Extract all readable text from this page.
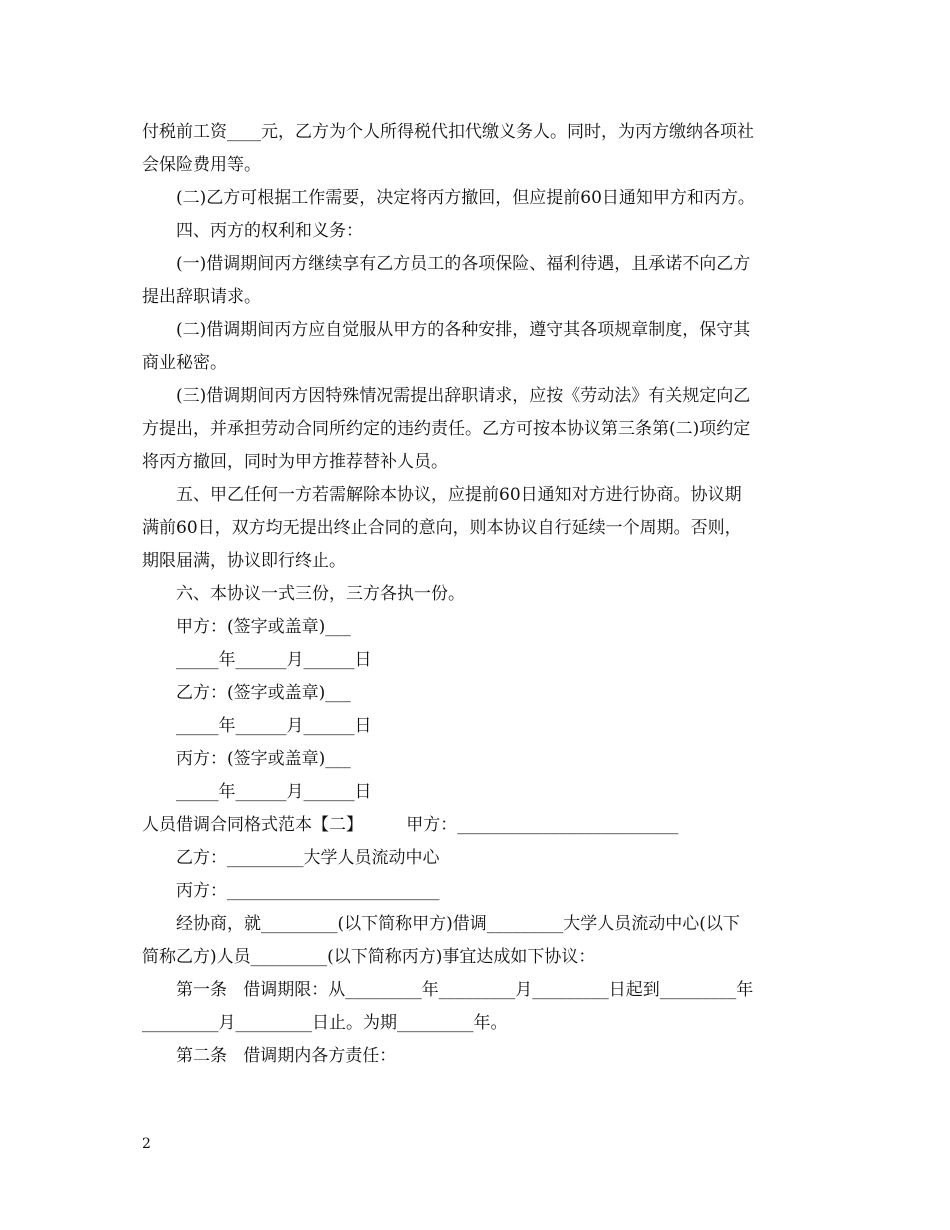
付税前工资____元，乙方为个人所得税代扣代缴义务人。同时，为丙方缴纳各项社

会保险费用等。

(二)乙方可根据工作需要，决定将丙方撤回，但应提前60日通知甲方和丙方。

四、丙方的权利和义务：

(一)借调期间丙方继续享有乙方员工的各项保险、福利待遇，且承诺不向乙方

提出辞职请求。

(二)借调期间丙方应自觉服从甲方的各种安排，遵守其各项规章制度，保守其

商业秘密。

(三)借调期间丙方因特殊情况需提出辞职请求，应按《劳动法》有关规定向乙

方提出，并承担劳动合同所约定的违约责任。乙方可按本协议第三条第(二)项约定

将丙方撤回，同时为甲方推荐替补人员。

五、甲乙任何一方若需解除本协议，应提前60日通知对方进行协商。协议期

满前60日，双方均无提出终止合同的意向，则本协议自行延续一个周期。否则，

期限届满，协议即行终止。

六、本协议一式三份，三方各执一份。

甲方：(签字或盖章)___

_____年______月______日

乙方：(签字或盖章)___

_____年______月______日

丙方：(签字或盖章)___

_____年______月______日

人员借调合同格式范本【二】        甲方：__________________________

乙方：_________大学人员流动中心

丙方：_________________________

经协商，就_________(以下简称甲方)借调_________大学人员流动中心(以下

简称乙方)人员_________(以下简称丙方)事宜达成如下协议：

第一条   借调期限：从_________年_________月_________日起到_________年

_________月_________日止。为期_________年。

第二条   借调期内各方责任：

2
